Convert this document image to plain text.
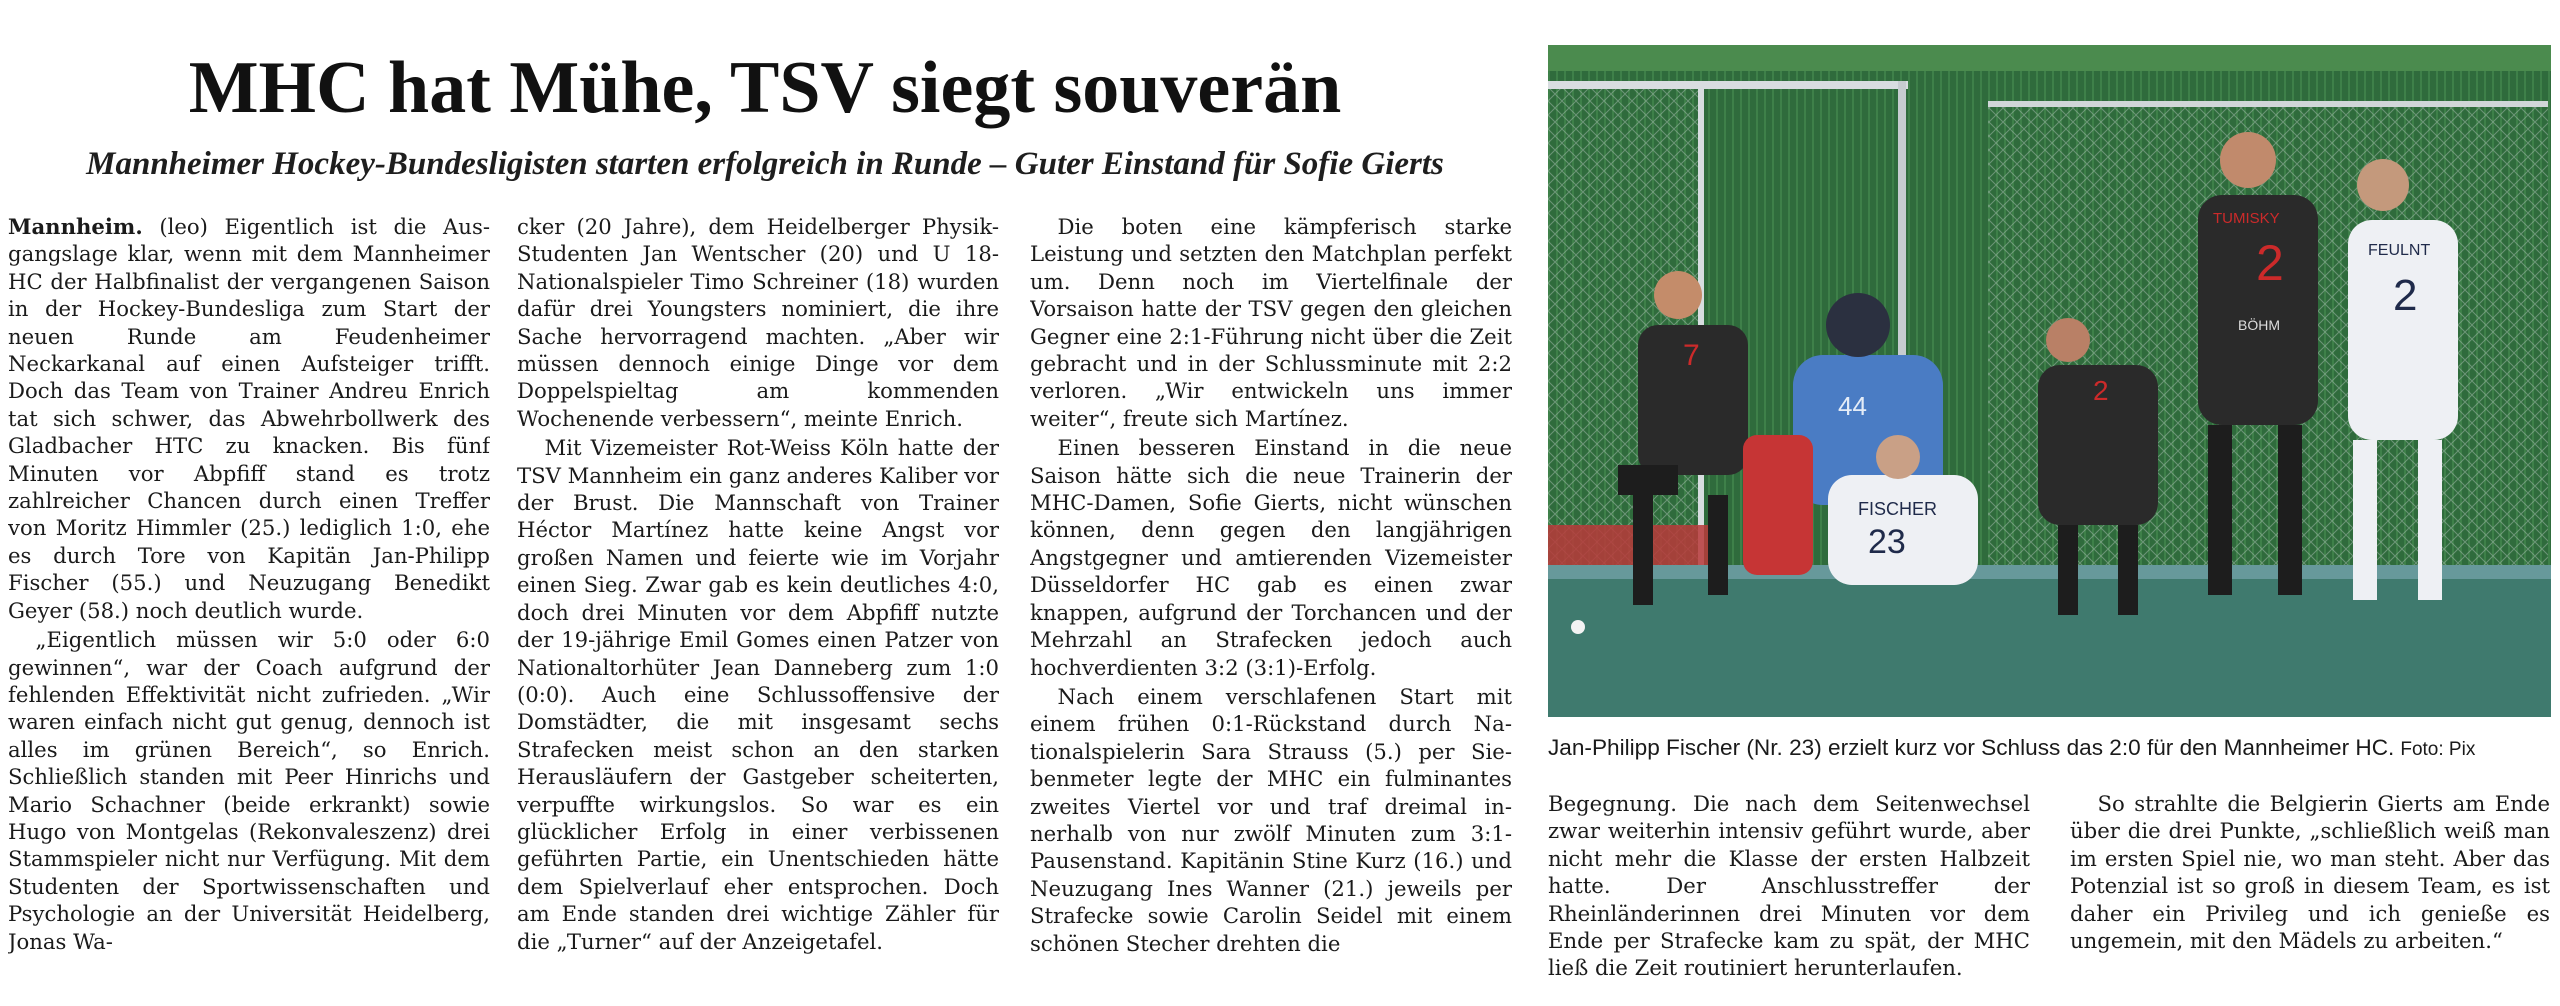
MHC hat Mühe, TSV siegt souverän
Mannheimer Hockey-Bundesligisten starten erfolgreich in Runde – Guter Einstand für Sofie Gierts

Mannheim. (leo) Eigentlich ist die Ausgangslage klar, wenn mit dem Mannheimer HC der Halbfinalist der vergangenen Saison in der Hockey-Bundesliga zum Start der neuen Runde am Feudenheimer Neckarkanal auf einen Aufsteiger trifft. Doch das Team von Trainer Andreu Enrich tat sich schwer, das Abwehrbollwerk des Gladbacher HTC zu knacken. Bis fünf Minuten vor Abpfiff stand es trotz zahlreicher Chancen durch einen Treffer von Moritz Himmler (25.) lediglich 1:0, ehe es durch Tore von Kapitän Jan-Philipp Fischer (55.) und Neuzugang Benedikt Geyer (58.) noch deutlich wurde.

„Eigentlich müssen wir 5:0 oder 6:0 gewinnen“, war der Coach aufgrund der fehlenden Effektivität nicht zufrieden. „Wir waren einfach nicht gut genug, dennoch ist alles im grünen Bereich“, so Enrich. Schließlich standen mit Peer Hinrichs und Mario Schachner (beide erkrankt) sowie Hugo von Montgelas (Rekonvaleszenz) drei Stammspieler nicht nur Verfügung. Mit dem Studenten der Sportwissenschaften und Psychologie an der Universität Heidelberg, Jonas Wa-

cker (20 Jahre), dem Heidelberger Physik-Studenten Jan Wentscher (20) und U 18-Nationalspieler Timo Schreiner (18) wurden dafür drei Youngsters nominiert, die ihre Sache hervorragend machten. „Aber wir müssen dennoch einige Dinge vor dem Doppelspieltag am kommenden Wochenende verbessern“, meinte Enrich.

Mit Vizemeister Rot-Weiss Köln hatte der TSV Mannheim ein ganz anderes Kaliber vor der Brust. Die Mannschaft von Trainer Héctor Martínez hatte keine Angst vor großen Namen und feierte wie im Vorjahr einen Sieg. Zwar gab es kein deutliches 4:0, doch drei Minuten vor dem Abpfiff nutzte der 19-jährige Emil Gomes einen Patzer von Nationaltorhüter Jean Danneberg zum 1:0 (0:0). Auch eine Schlussoffensive der Domstädter, die mit insgesamt sechs Strafecken meist schon an den starken Herausläufern der Gastgeber scheiterten, verpuffte wirkungslos. So war es ein glücklicher Erfolg in einer verbissenen geführten Partie, ein Unentschieden hätte dem Spielverlauf eher entsprochen. Doch am Ende standen drei wichtige Zähler für die „Turner“ auf der Anzeigetafel.

Die boten eine kämpferisch starke Leistung und setzten den Matchplan perfekt um. Denn noch im Viertelfinale der Vorsaison hatte der TSV gegen den gleichen Gegner eine 2:1-Führung nicht über die Zeit gebracht und in der Schlussminute mit 2:2 verloren. „Wir entwickeln uns immer weiter“, freute sich Martínez.

Einen besseren Einstand in die neue Saison hätte sich die neue Trainerin der MHC-Damen, Sofie Gierts, nicht wünschen können, denn gegen den langjährigen Angstgegner und amtierenden Vizemeister Düsseldorfer HC gab es einen zwar knappen, aufgrund der Torchancen und der Mehrzahl an Strafecken jedoch auch hochverdienten 3:2 (3:1)-Erfolg.

Nach einem verschlafenen Start mit einem frühen 0:1-Rückstand durch Nationalspielerin Sara Strauss (5.) per Siebenmeter legte der MHC ein fulminantes zweites Viertel vor und traf dreimal innerhalb von nur zwölf Minuten zum 3:1-Pausenstand. Kapitänin Stine Kurz (16.) und Neuzugang Ines Wanner (21.) jeweils per Strafecke sowie Carolin Seidel mit einem schönen Stecher drehten die

7
44
FISCHER
23
2
TUMISKY
2
BÖHM
FEULNT
2
Jan-Philipp Fischer (Nr. 23) erzielt kurz vor Schluss das 2:0 für den Mannheimer HC. Foto: Pix

Begegnung. Die nach dem Seitenwechsel zwar weiterhin intensiv geführt wurde, aber nicht mehr die Klasse der ersten Halbzeit hatte. Der Anschlusstreffer der Rheinländerinnen drei Minuten vor dem Ende per Strafecke kam zu spät, der MHC ließ die Zeit routiniert herunterlaufen.

So strahlte die Belgierin Gierts am Ende über die drei Punkte, „schließlich weiß man im ersten Spiel nie, wo man steht. Aber das Potenzial ist so groß in diesem Team, es ist daher ein Privileg und ich genieße es ungemein, mit den Mädels zu arbeiten.“
